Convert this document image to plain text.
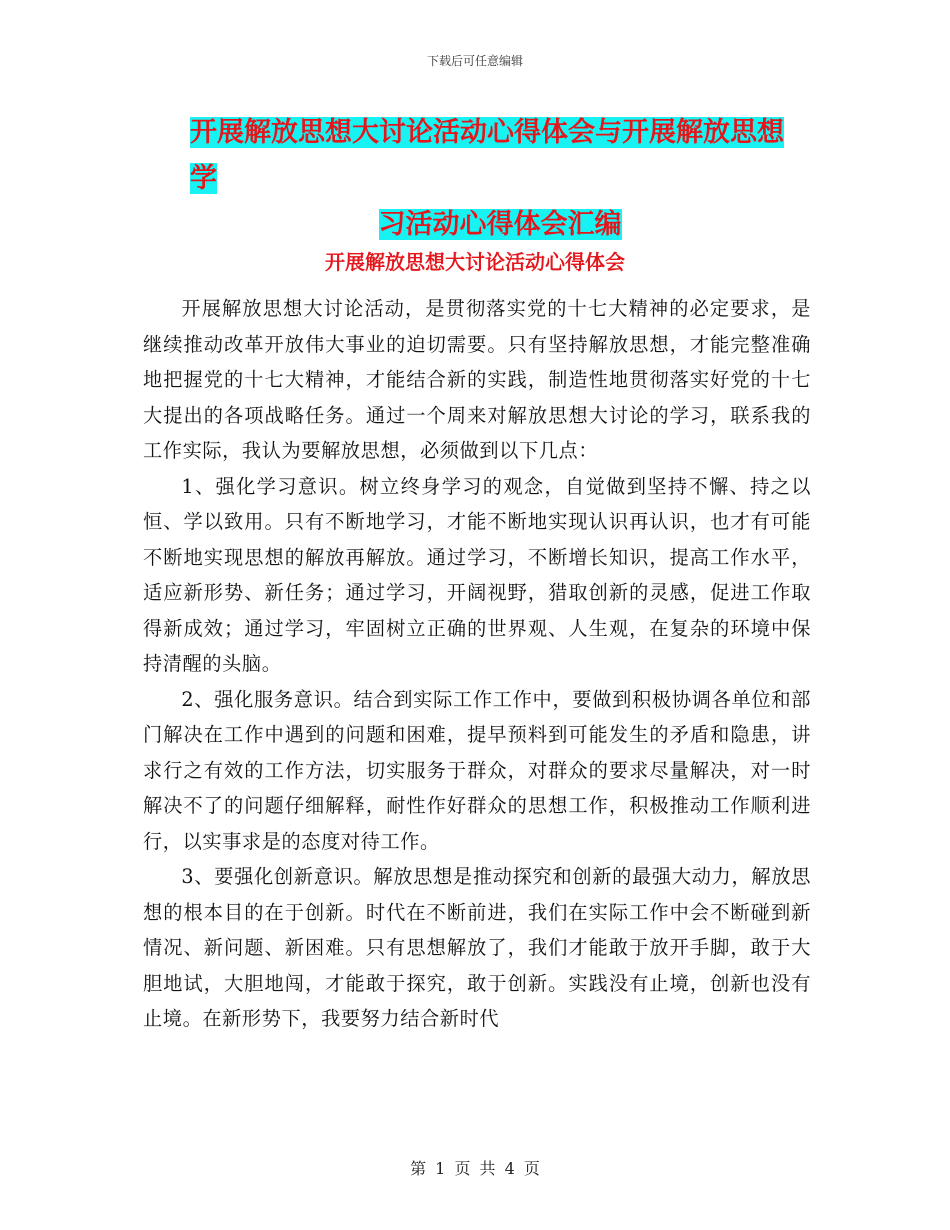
下载后可任意编辑
开展解放思想大讨论活动心得体会与开展解放思想学
习活动心得体会汇编
开展解放思想大讨论活动心得体会

开展解放思想大讨论活动，是贯彻落实党的十七大精神的必定要求，是继续推动改革开放伟大事业的迫切需要。只有坚持解放思想，才能完整准确地把握党的十七大精神，才能结合新的实践，制造性地贯彻落实好党的十七大提出的各项战略任务。通过一个周来对解放思想大讨论的学习，联系我的工作实际，我认为要解放思想，必须做到以下几点：

1、强化学习意识。树立终身学习的观念，自觉做到坚持不懈、持之以恒、学以致用。只有不断地学习，才能不断地实现认识再认识，也才有可能不断地实现思想的解放再解放。通过学习，不断增长知识，提高工作水平，适应新形势、新任务；通过学习，开阔视野，猎取创新的灵感，促进工作取得新成效；通过学习，牢固树立正确的世界观、人生观，在复杂的环境中保持清醒的头脑。

2、强化服务意识。结合到实际工作工作中，要做到积极协调各单位和部门解决在工作中遇到的问题和困难，提早预料到可能发生的矛盾和隐患，讲求行之有效的工作方法，切实服务于群众，对群众的要求尽量解决，对一时解决不了的问题仔细解释，耐性作好群众的思想工作，积极推动工作顺利进行，以实事求是的态度对待工作。

3、要强化创新意识。解放思想是推动探究和创新的最强大动力，解放思想的根本目的在于创新。时代在不断前进，我们在实际工作中会不断碰到新情况、新问题、新困难。只有思想解放了，我们才能敢于放开手脚，敢于大胆地试，大胆地闯，才能敢于探究，敢于创新。实践没有止境，创新也没有止境。在新形势下，我要努力结合新时代

第 1 页 共 4 页
